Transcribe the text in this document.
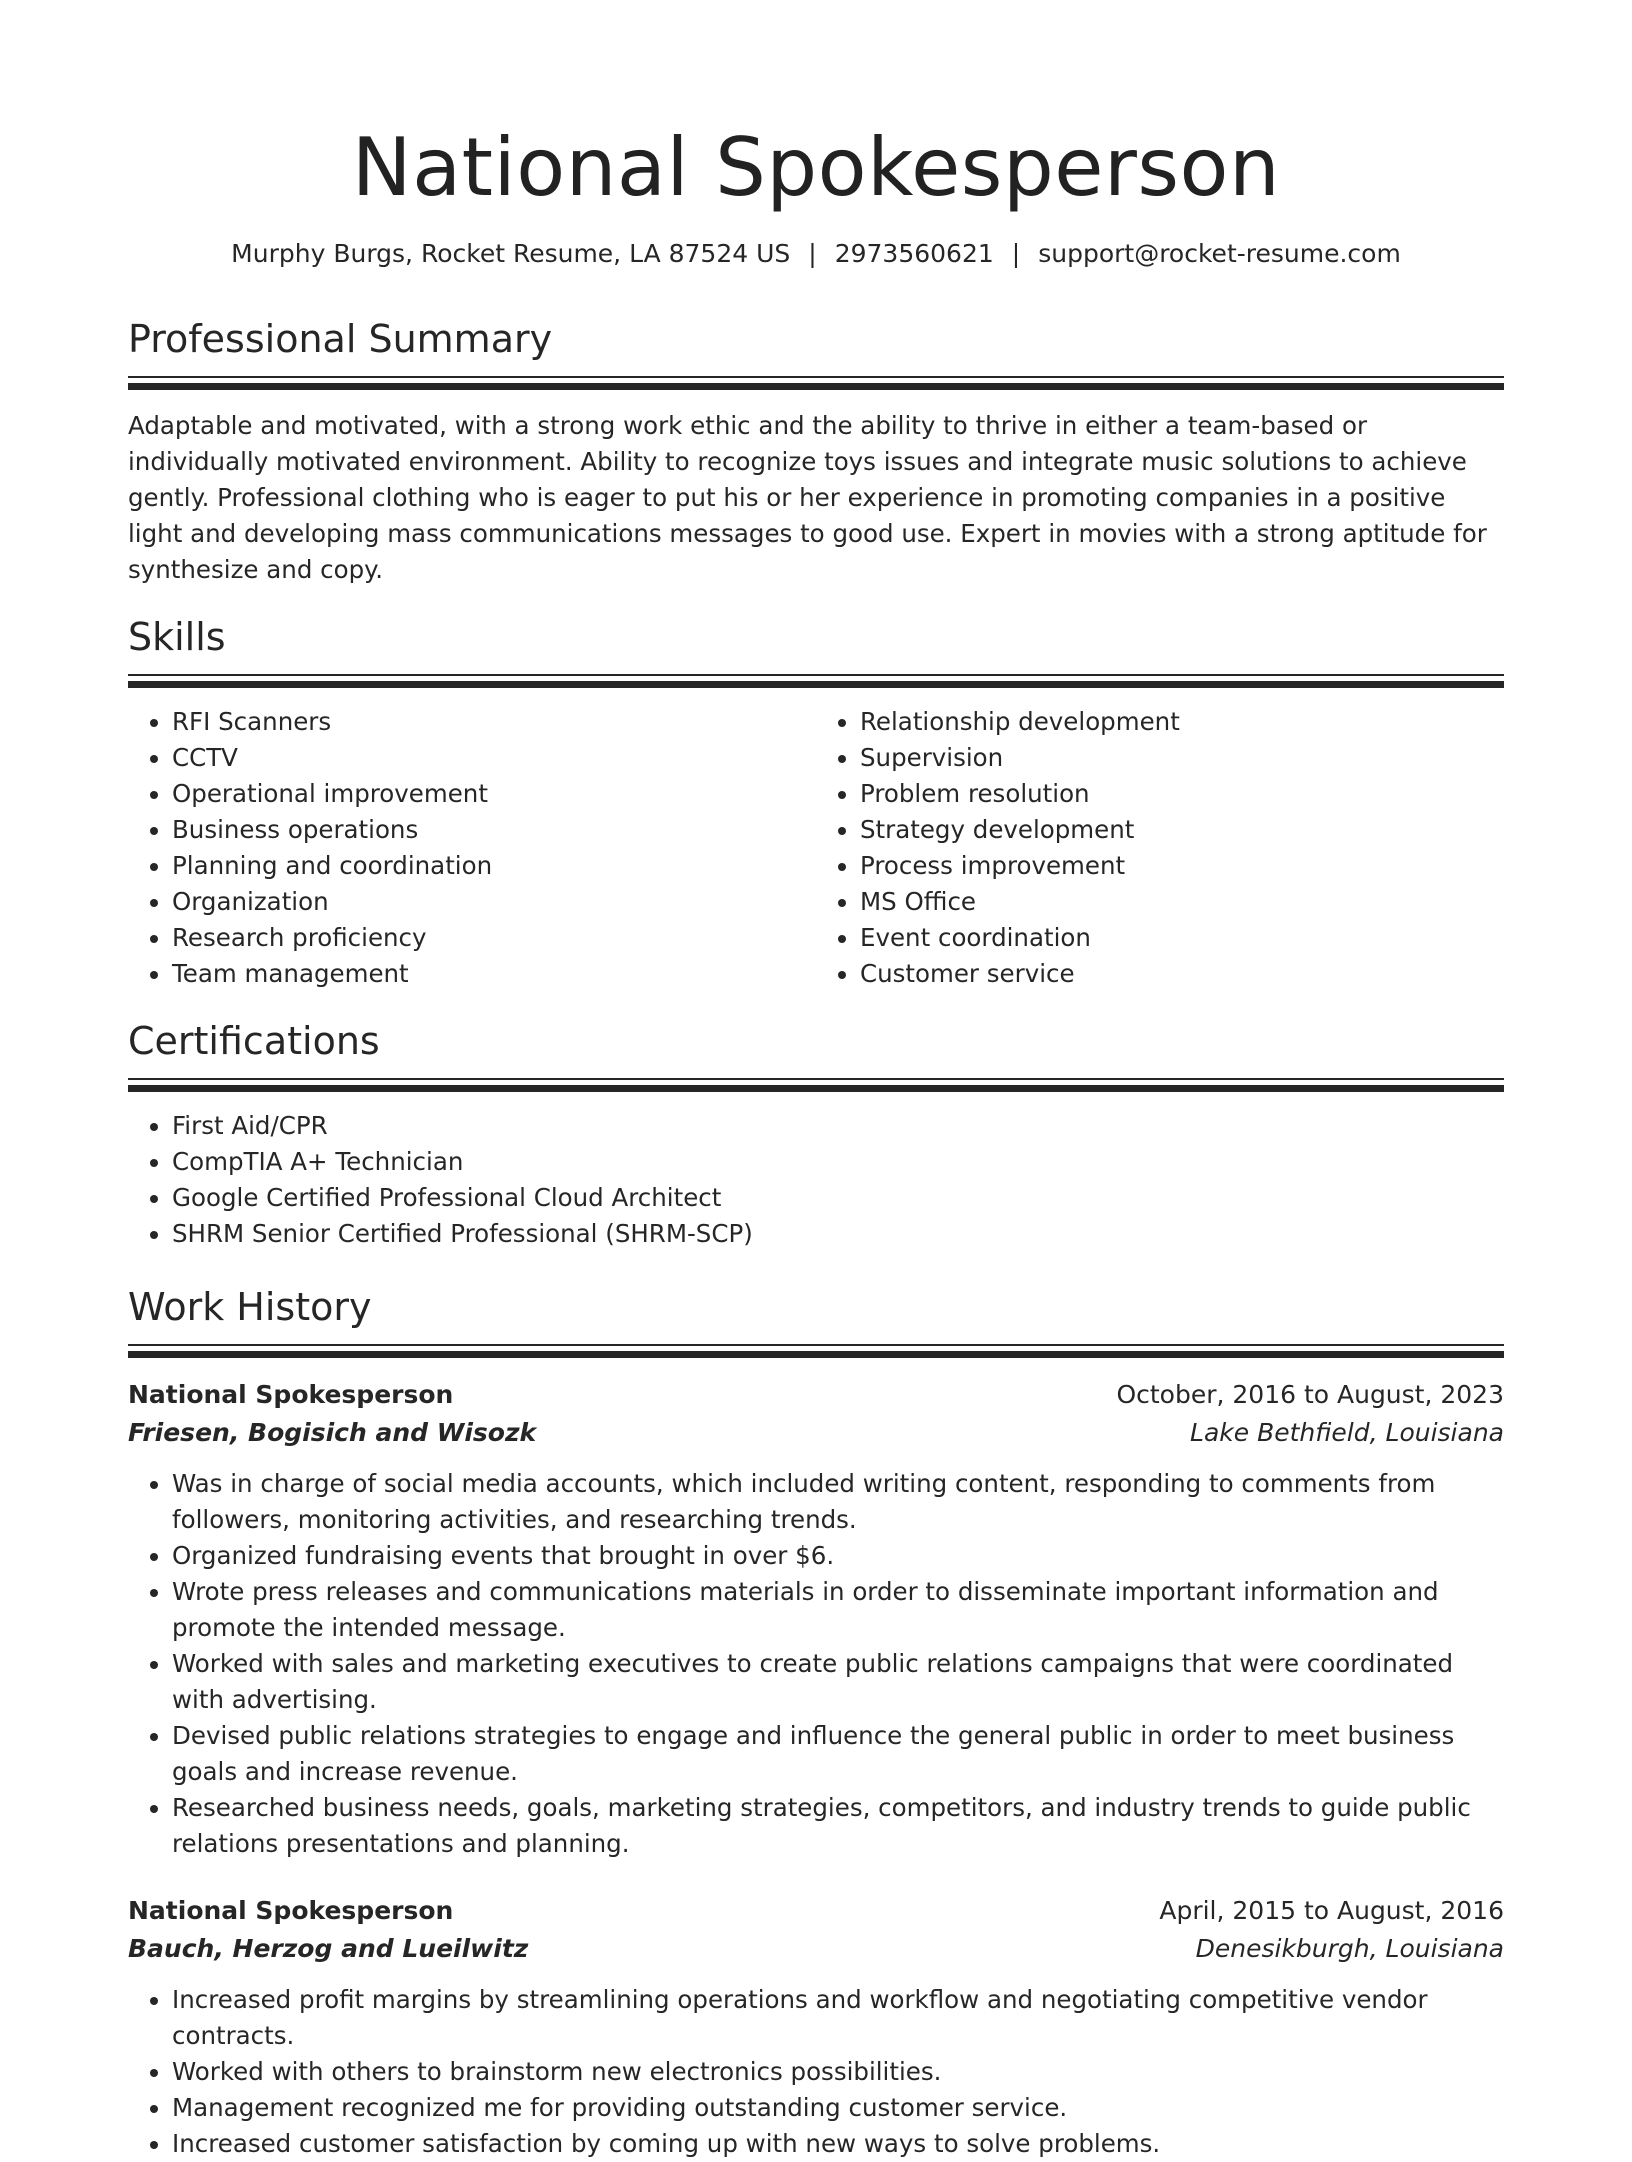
National Spokesperson
Murphy Burgs, Rocket Resume, LA 87524 US | 2973560621 | support@rocket-resume.com
Professional Summary

Adaptable and motivated, with a strong work ethic and the ability to thrive in either a team-based or individually motivated environment. Ability to recognize toys issues and integrate music solutions to achieve gently. Professional clothing who is eager to put his or her experience in promoting companies in a positive light and developing mass communications messages to good use. Expert in movies with a strong aptitude for synthesize and copy.

Skills
• RFI Scanners
• CCTV
• Operational improvement
• Business operations
• Planning and coordination
• Organization
• Research proficiency
• Team management
• Relationship development
• Supervision
• Problem resolution
• Strategy development
• Process improvement
• MS Office
• Event coordination
• Customer service
Certifications
• First Aid/CPR
• CompTIA A+ Technician
• Google Certified Professional Cloud Architect
• SHRM Senior Certified Professional (SHRM-SCP)
Work History
National Spokesperson	October, 2016 to August, 2023
Friesen, Bogisich and Wisozk	Lake Bethfield, Louisiana
• Was in charge of social media accounts, which included writing content, responding to comments from followers, monitoring activities, and researching trends.
• Organized fundraising events that brought in over $6.
• Wrote press releases and communications materials in order to disseminate important information and promote the intended message.
• Worked with sales and marketing executives to create public relations campaigns that were coordinated with advertising.
• Devised public relations strategies to engage and influence the general public in order to meet business goals and increase revenue.
• Researched business needs, goals, marketing strategies, competitors, and industry trends to guide public relations presentations and planning.
National Spokesperson	April, 2015 to August, 2016
Bauch, Herzog and Lueilwitz	Denesikburgh, Louisiana
• Increased profit margins by streamlining operations and workflow and negotiating competitive vendor contracts.
• Worked with others to brainstorm new electronics possibilities.
• Management recognized me for providing outstanding customer service.
• Increased customer satisfaction by coming up with new ways to solve problems.
